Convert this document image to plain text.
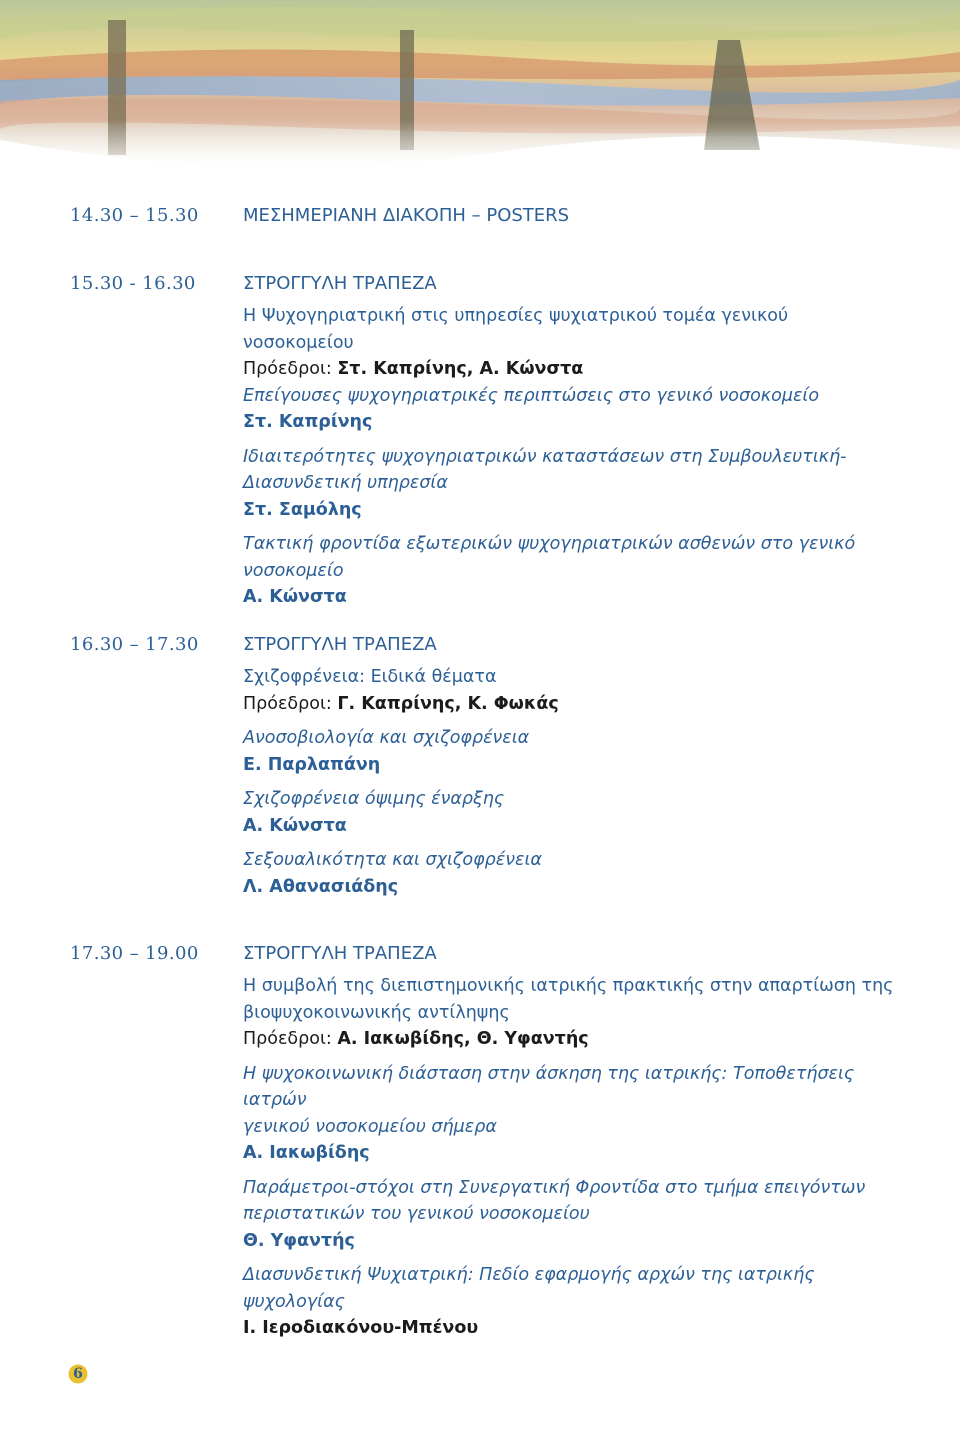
14.30 – 15.30 ΜΕΣΗΜΕΡΙΑΝΗ ΔΙΑΚΟΠΗ – POSTERS
15.30 - 16.30	ΣΤΡΟΓΓΥΛΗ ΤΡΑΠΕΖΑ
Η Ψυχογηριατρική στις υπηρεσίες ψυχιατρικού τομέα γενικού νοσοκομείου
Πρόεδροι: Στ. Καπρίνης, Α. Κώνστα
Επείγουσες ψυχογηριατρικές περιπτώσεις στο γενικό νοσοκομείο
Στ. Καπρίνης
Ιδιαιτερότητες ψυχογηριατρικών καταστάσεων στη Συμβουλευτική-
Διασυνδετική υπηρεσία
Στ. Σαμόλης
Τακτική φροντίδα εξωτερικών ψυχογηριατρικών ασθενών στο γενικό
νοσοκομείο
Α. Κώνστα
16.30 – 17.30 ΣΤΡΟΓΓΥΛΗ ΤΡΑΠΕΖΑ
Σχιζοφρένεια: Ειδικά θέματα
Πρόεδροι: Γ. Καπρίνης, Κ. Φωκάς
Ανοσοβιολογία και σχιζοφρένεια
Ε. Παρλαπάνη
Σχιζοφρένεια όψιμης έναρξης
Α. Κώνστα
Σεξουαλικότητα και σχιζοφρένεια
Λ. Αθανασιάδης
17.30 – 19.00 ΣΤΡΟΓΓΥΛΗ ΤΡΑΠΕΖΑ
Η συμβολή της διεπιστημονικής ιατρικής πρακτικής στην απαρτίωση της
βιοψυχοκοινωνικής αντίληψης
Πρόεδροι: Α. Ιακωβίδης, Θ. Υφαντής
Η ψυχοκοινωνική διάσταση στην άσκηση της ιατρικής: Τοποθετήσεις ιατρών
γενικού νοσοκομείου σήμερα
Α. Ιακωβίδης
Παράμετροι-στόχοι στη Συνεργατική Φροντίδα στο τμήμα επειγόντων
περιστατικών του γενικού νοσοκομείου
Θ. Υφαντής
Διασυνδετική Ψυχιατρική: Πεδίο εφαρμογής αρχών της ιατρικής ψυχολογίας
Ι. Ιεροδιακόνου-Μπένου
6
